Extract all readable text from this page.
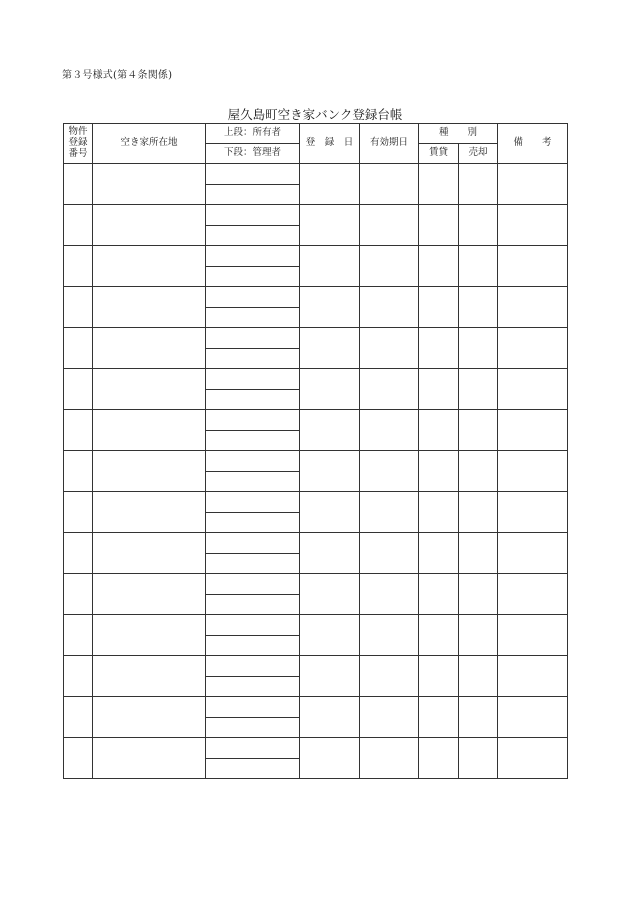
第３号様式(第４条関係)
屋久島町空き家バンク登録台帳
物件
登録
番号	空き家所在地	上段：所有者	登　録　日	有効期日	種　　別		備　　考
		下段：管理者			賃貸	売却	
